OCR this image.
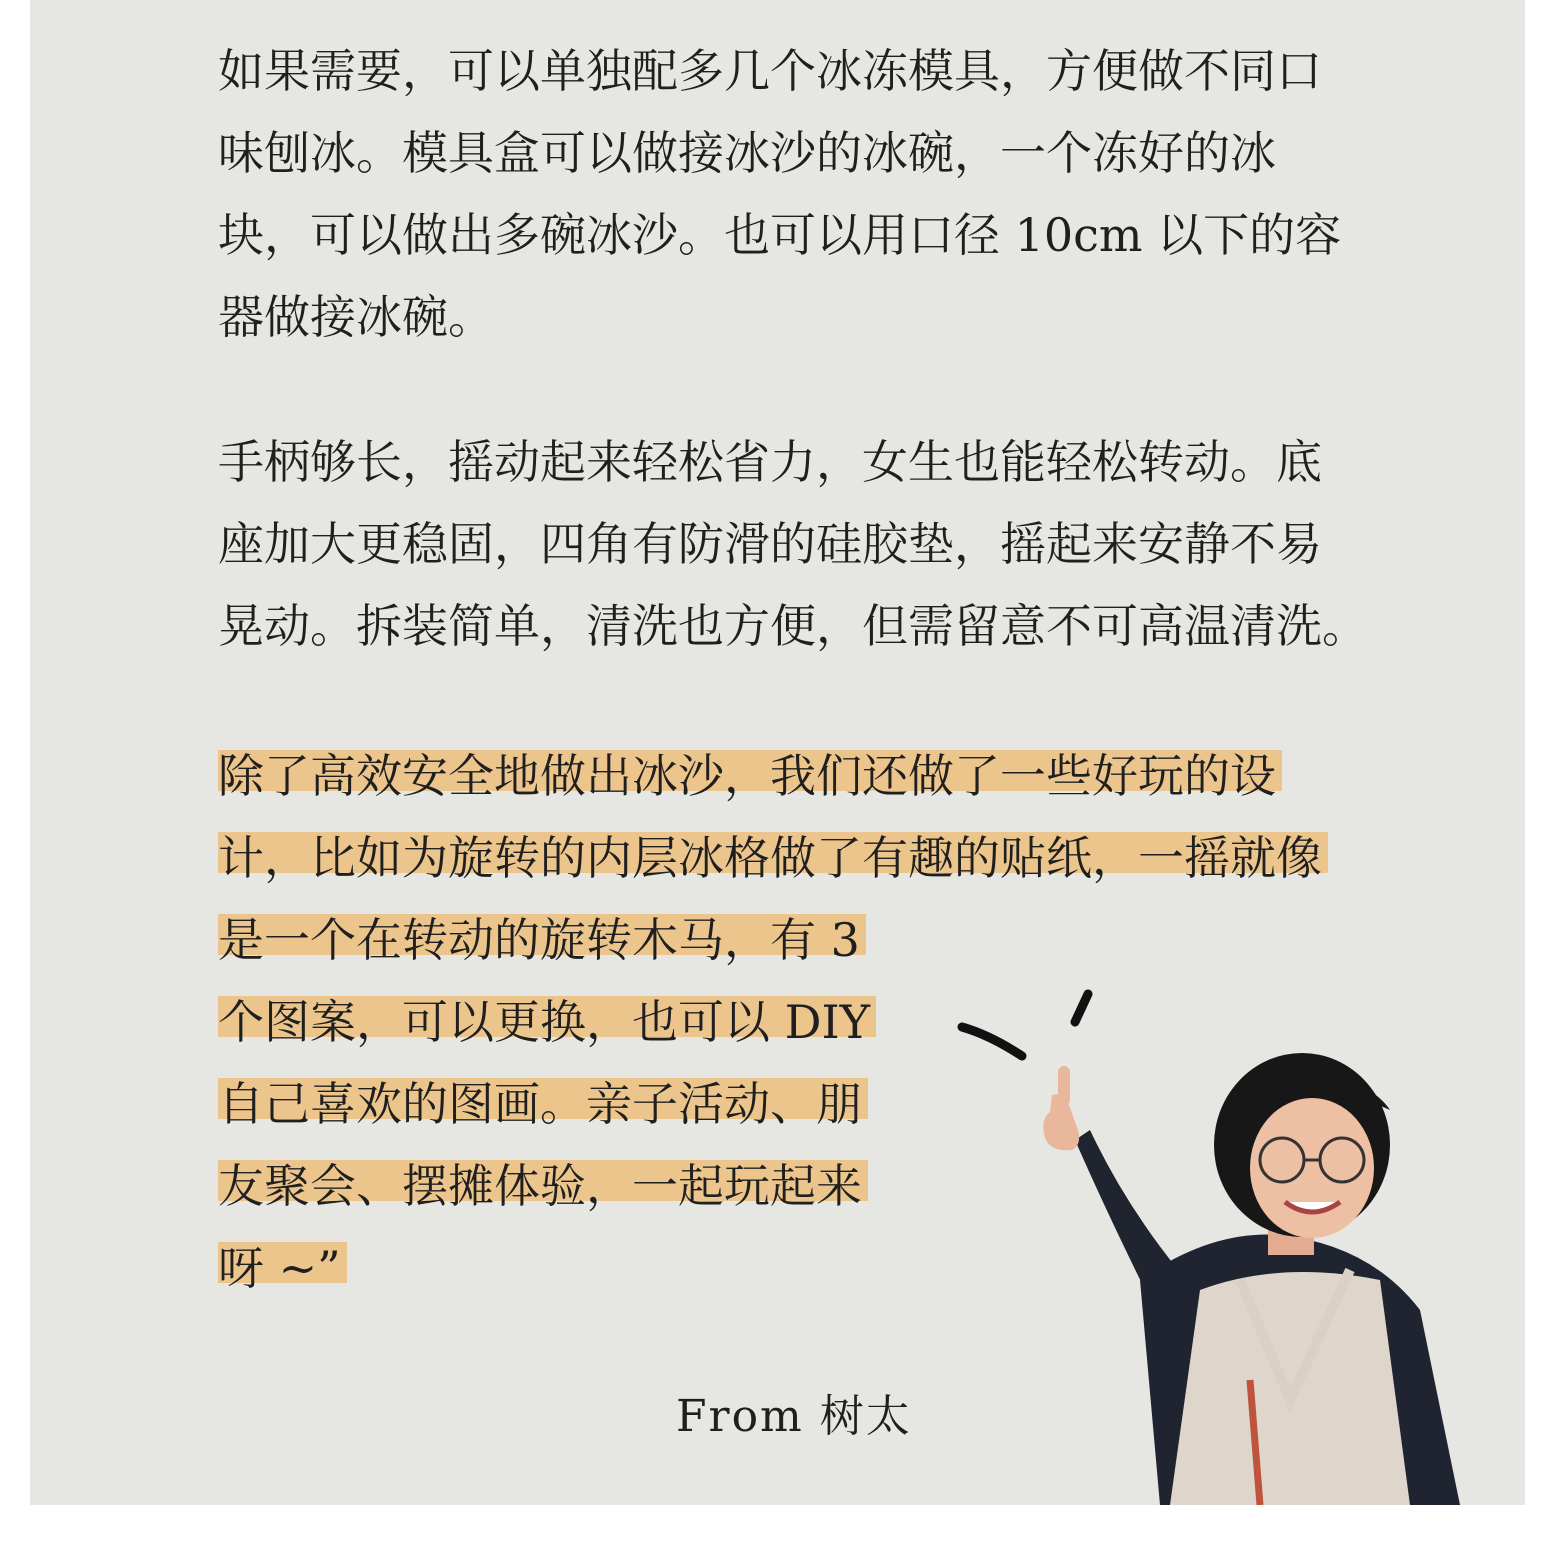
如果需要，可以单独配多几个冰冻模具，方便做不同口
味刨冰。模具盒可以做接冰沙的冰碗，一个冻好的冰
块，可以做出多碗冰沙。也可以用口径 10cm 以下的容
器做接冰碗。
手柄够长，摇动起来轻松省力，女生也能轻松转动。底
座加大更稳固，四角有防滑的硅胶垫，摇起来安静不易
晃动。拆装简单，清洗也方便，但需留意不可高温清洗。
除了高效安全地做出冰沙，我们还做了一些好玩的设
计，比如为旋转的内层冰格做了有趣的贴纸，一摇就像
是一个在转动的旋转木马，有 3
个图案，可以更换，也可以 DIY
自己喜欢的图画。亲子活动、朋
友聚会、摆摊体验，一起玩起来
呀 ~”
From 树太
